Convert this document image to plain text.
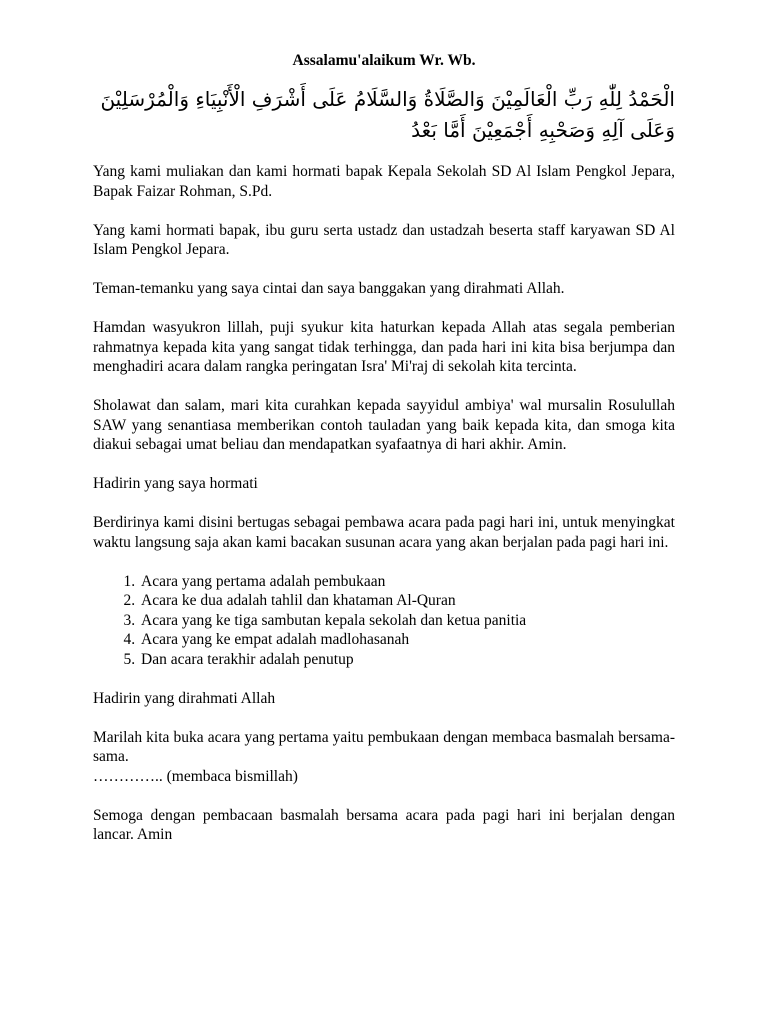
Assalamu'alaikum Wr. Wb.
الْحَمْدُ لِلّٰهِ رَبِّ الْعَالَمِيْنَ وَالصَّلَاةُ وَالسَّلَامُ عَلَى أَشْرَفِ الْأَنْبِيَاءِ وَالْمُرْسَلِيْنَ
وَعَلَى آلِهِ وَصَحْبِهِ أَجْمَعِيْنَ أَمَّا بَعْدُ

Yang kami muliakan dan kami hormati bapak Kepala Sekolah SD Al Islam Pengkol Jepara, Bapak Faizar Rohman, S.Pd.

Yang kami hormati bapak, ibu guru serta ustadz dan ustadzah beserta staff karyawan SD Al Islam Pengkol Jepara.

Teman-temanku yang saya cintai dan saya banggakan yang dirahmati Allah.

Hamdan wasyukron lillah, puji syukur kita haturkan kepada Allah atas segala pemberian rahmatnya kepada kita yang sangat tidak terhingga, dan pada hari ini kita bisa berjumpa dan menghadiri acara dalam rangka peringatan Isra' Mi'raj di sekolah kita tercinta.

Sholawat dan salam, mari kita curahkan kepada sayyidul ambiya' wal mursalin Rosulullah SAW yang senantiasa memberikan contoh tauladan yang baik kepada kita, dan smoga kita diakui sebagai umat beliau dan mendapatkan syafaatnya di hari akhir. Amin.

Hadirin yang saya hormati

Berdirinya kami disini bertugas sebagai pembawa acara pada pagi hari ini, untuk menyingkat waktu langsung saja akan kami bacakan susunan acara yang akan berjalan pada pagi hari ini.

1. Acara yang pertama adalah pembukaan
2. Acara ke dua adalah tahlil dan khataman Al-Quran
3. Acara yang ke tiga sambutan kepala sekolah dan ketua panitia
4. Acara yang ke empat adalah madlohasanah
5. Dan acara terakhir adalah penutup

Hadirin yang dirahmati Allah

Marilah kita buka acara yang pertama yaitu pembukaan dengan membaca basmalah bersama-sama.

………….. (membaca bismillah)

Semoga dengan pembacaan basmalah bersama acara pada pagi hari ini berjalan dengan lancar. Amin
